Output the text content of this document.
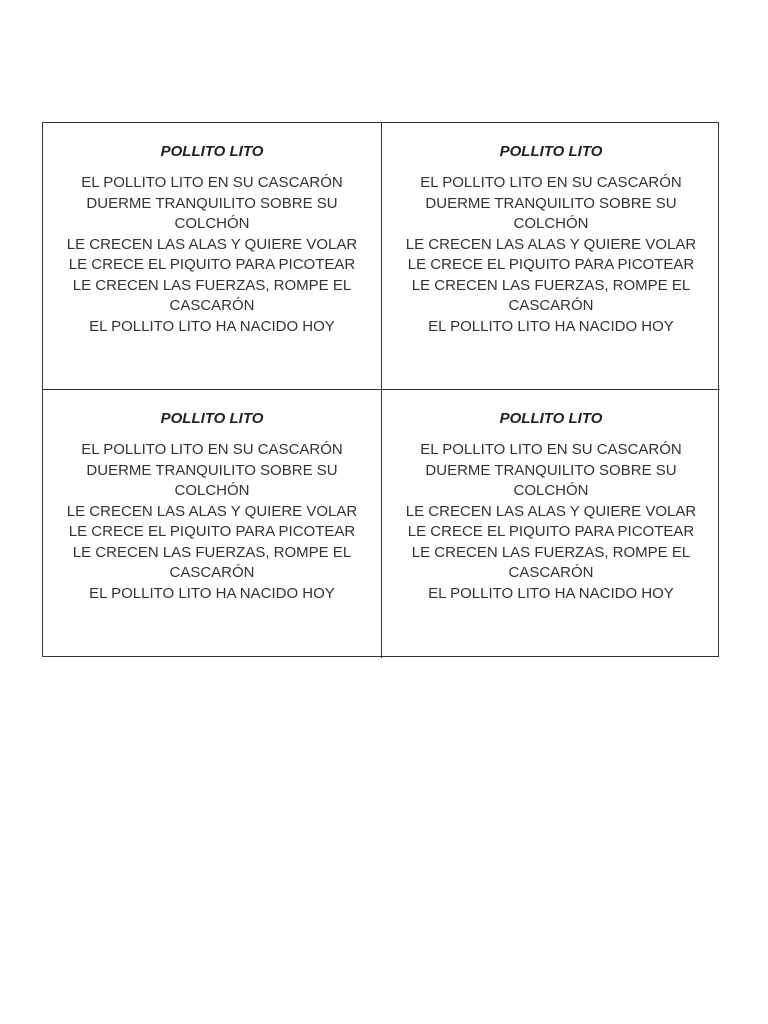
POLLITO LITO

EL POLLITO LITO EN SU CASCARÓN

DUERME TRANQUILITO SOBRE SU

COLCHÓN

LE CRECEN LAS ALAS Y QUIERE VOLAR

LE CRECE EL PIQUITO PARA PICOTEAR

LE CRECEN LAS FUERZAS, ROMPE EL

CASCARÓN

EL POLLITO LITO HA NACIDO HOY

POLLITO LITO

EL POLLITO LITO EN SU CASCARÓN

DUERME TRANQUILITO SOBRE SU

COLCHÓN

LE CRECEN LAS ALAS Y QUIERE VOLAR

LE CRECE EL PIQUITO PARA PICOTEAR

LE CRECEN LAS FUERZAS, ROMPE EL

CASCARÓN

EL POLLITO LITO HA NACIDO HOY

POLLITO LITO

EL POLLITO LITO EN SU CASCARÓN

DUERME TRANQUILITO SOBRE SU

COLCHÓN

LE CRECEN LAS ALAS Y QUIERE VOLAR

LE CRECE EL PIQUITO PARA PICOTEAR

LE CRECEN LAS FUERZAS, ROMPE EL

CASCARÓN

EL POLLITO LITO HA NACIDO HOY

POLLITO LITO

EL POLLITO LITO EN SU CASCARÓN

DUERME TRANQUILITO SOBRE SU

COLCHÓN

LE CRECEN LAS ALAS Y QUIERE VOLAR

LE CRECE EL PIQUITO PARA PICOTEAR

LE CRECEN LAS FUERZAS, ROMPE EL

CASCARÓN

EL POLLITO LITO HA NACIDO HOY
